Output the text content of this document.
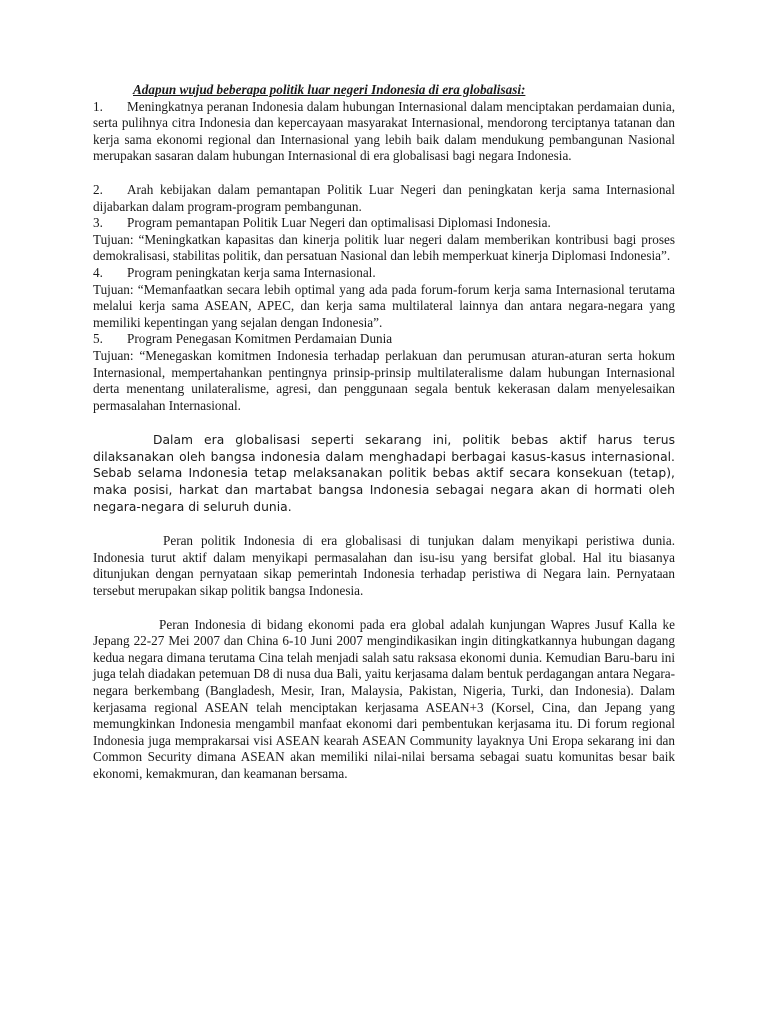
Adapun wujud beberapa politik luar negeri Indonesia di era globalisasi:

1. Meningkatnya peranan Indonesia dalam hubungan Internasional dalam menciptakan perdamaian dunia, serta pulihnya citra Indonesia dan kepercayaan masyarakat Internasional, mendorong terciptanya tatanan dan kerja sama ekonomi regional dan Internasional yang lebih baik dalam mendukung pembangunan Nasional merupakan sasaran dalam hubungan Internasional di era globalisasi bagi negara Indonesia.

2. Arah kebijakan dalam pemantapan Politik Luar Negeri dan peningkatan kerja sama Internasional dijabarkan dalam program-program pembangunan.

3. Program pemantapan Politik Luar Negeri dan optimalisasi Diplomasi Indonesia.

Tujuan: “Meningkatkan kapasitas dan kinerja politik luar negeri dalam memberikan kontribusi bagi proses demokralisasi, stabilitas politik, dan persatuan Nasional dan lebih memperkuat kinerja Diplomasi Indonesia”.

4. Program peningkatan kerja sama Internasional.

Tujuan: “Memanfaatkan secara lebih optimal yang ada pada forum-forum kerja sama Internasional terutama melalui kerja sama ASEAN, APEC, dan kerja sama multilateral lainnya dan antara negara-negara yang memiliki kepentingan yang sejalan dengan Indonesia”.

5. Program Penegasan Komitmen Perdamaian Dunia

Tujuan: “Menegaskan komitmen Indonesia terhadap perlakuan dan perumusan aturan-aturan serta hokum Internasional, mempertahankan pentingnya prinsip-prinsip multilateralisme dalam hubungan Internasional derta menentang unilateralisme, agresi, dan penggunaan segala bentuk kekerasan dalam menyelesaikan permasalahan Internasional.

Dalam era globalisasi seperti sekarang ini, politik bebas aktif harus terus dilaksanakan oleh bangsa indonesia dalam menghadapi berbagai kasus-kasus internasional. Sebab selama Indonesia tetap melaksanakan politik bebas aktif secara konsekuan (tetap), maka posisi, harkat dan martabat bangsa Indonesia sebagai negara akan di hormati oleh negara-negara di seluruh dunia.

Peran politik Indonesia di era globalisasi di tunjukan dalam menyikapi peristiwa dunia. Indonesia turut aktif dalam menyikapi permasalahan dan isu-isu yang bersifat global. Hal itu biasanya ditunjukan dengan pernyataan sikap pemerintah Indonesia terhadap peristiwa di Negara lain. Pernyataan tersebut merupakan sikap politik bangsa Indonesia.

Peran Indonesia di bidang ekonomi pada era global adalah kunjungan Wapres Jusuf Kalla ke Jepang 22-27 Mei 2007 dan China 6-10 Juni 2007 mengindikasikan ingin ditingkatkannya hubungan dagang kedua negara dimana terutama Cina telah menjadi salah satu raksasa ekonomi dunia. Kemudian Baru-baru ini juga telah diadakan petemuan D8 di nusa dua Bali, yaitu kerjasama dalam bentuk perdagangan antara Negara-negara berkembang (Bangladesh, Mesir, Iran, Malaysia, Pakistan, Nigeria, Turki, dan Indonesia). Dalam kerjasama regional ASEAN telah menciptakan kerjasama ASEAN+3 (Korsel, Cina, dan Jepang yang memungkinkan Indonesia mengambil manfaat ekonomi dari pembentukan kerjasama itu. Di forum regional Indonesia juga memprakarsai visi ASEAN kearah ASEAN Community layaknya Uni Eropa sekarang ini dan Common Security dimana ASEAN akan memiliki nilai-nilai bersama sebagai suatu komunitas besar baik ekonomi, kemakmuran, dan keamanan bersama.
